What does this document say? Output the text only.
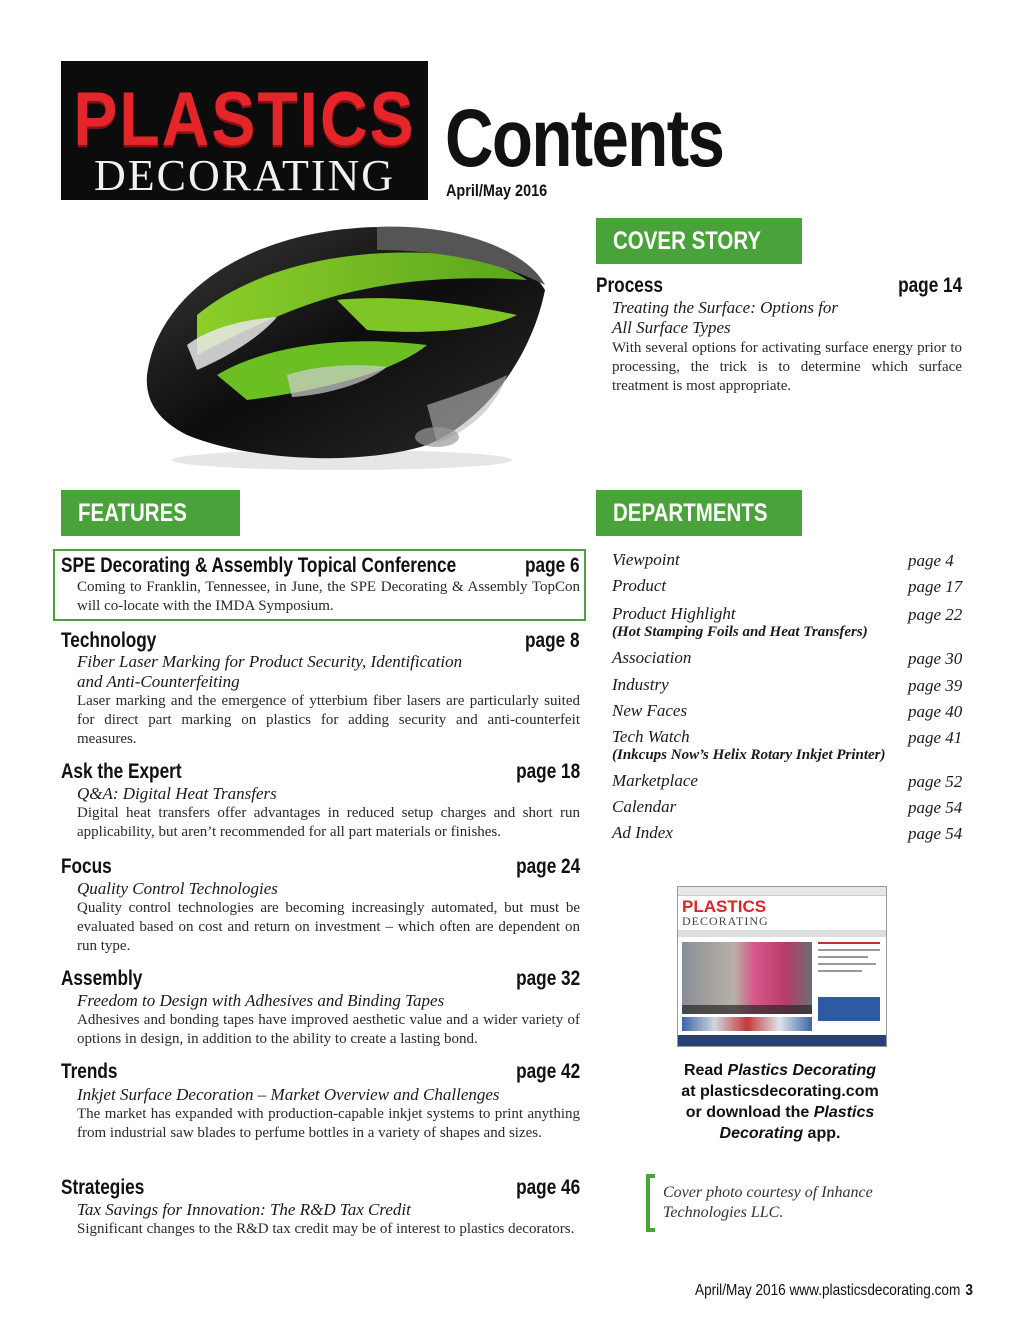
PLASTICS
DECORATING Contents
April/May 2016
COVER STORY
Process	page 14
Treating the Surface: Options for
All Surface Types
With several options for activating surface energy prior to processing, the trick is to determine which surface treatment is most appropriate.
FEATURES
SPE Decorating & Assembly Topical Conference	page 6
Coming to Franklin, Tennessee, in June, the SPE Decorating & Assembly TopCon will co-locate with the IMDA Symposium.
Technology	page 8
Fiber Laser Marking for Product Security, Identification
and Anti-Counterfeiting
Laser marking and the emergence of ytterbium fiber lasers are particularly suited for direct part marking on plastics for adding security and anti-counterfeit measures.
Ask the Expert	page 18
Q&A: Digital Heat Transfers
Digital heat transfers offer advantages in reduced setup charges and short run applicability, but aren’t recommended for all part materials or finishes.
Focus	page 24
Quality Control Technologies
Quality control technologies are becoming increasingly automated, but must be evaluated based on cost and return on investment – which often are dependent on run type.
Assembly	page 32
Freedom to Design with Adhesives and Binding Tapes
Adhesives and bonding tapes have improved aesthetic value and a wider variety of options in design, in addition to the ability to create a lasting bond.
Trends	page 42
Inkjet Surface Decoration – Market Overview and Challenges
The market has expanded with production-capable inkjet systems to print anything from industrial saw blades to perfume bottles in a variety of shapes and sizes.
Strategies	page 46
Tax Savings for Innovation: The R&D Tax Credit
Significant changes to the R&D tax credit may be of interest to plastics decorators.
DEPARTMENTS
Viewpoint	page 4
Product	page 17
Product Highlight	page 22
(Hot Stamping Foils and Heat Transfers)
Association	page 30
Industry	page 39
New Faces	page 40
Tech Watch	page 41
(Inkcups Now’s Helix Rotary Inkjet Printer)
Marketplace	page 52
Calendar	page 54
Ad Index	page 54
PLASTICS
DECORATING
Read Plastics Decorating
at plasticsdecorating.com
or download the Plastics
Decorating app.
Cover photo courtesy of Inhance
Technologies LLC.
April/May 2016 www.plasticsdecorating.com 3
